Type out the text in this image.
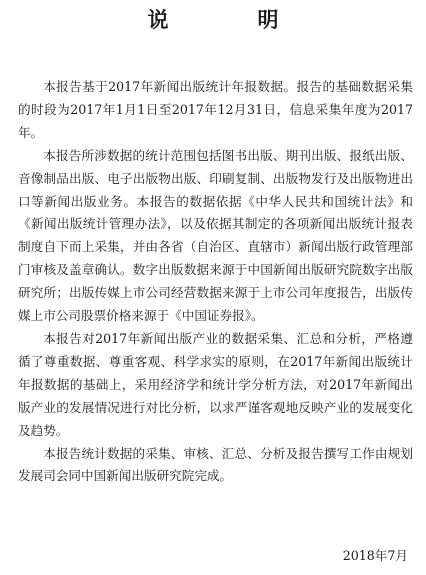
说　明

本报告基于2017年新闻出版统计年报数据。报告的基础数据采集的时段为2017年1月1日至2017年12月31日，信息采集年度为2017年。

本报告所涉数据的统计范围包括图书出版、期刊出版、报纸出版、音像制品出版、电子出版物出版、印刷复制、出版物发行及出版物进出口等新闻出版业务。本报告的数据依据《中华人民共和国统计法》和《新闻出版统计管理办法》，以及依据其制定的各项新闻出版统计报表制度自下而上采集，并由各省（自治区、直辖市）新闻出版行政管理部门审核及盖章确认。数字出版数据来源于中国新闻出版研究院数字出版研究所；出版传媒上市公司经营数据来源于上市公司年度报告，出版传媒上市公司股票价格来源于《中国证券报》。

本报告对2017年新闻出版产业的数据采集、汇总和分析，严格遵循了尊重数据、尊重客观、科学求实的原则，在2017年新闻出版统计年报数据的基础上，采用经济学和统计学分析方法，对2017年新闻出版产业的发展情况进行对比分析，以求严谨客观地反映产业的发展变化及趋势。

本报告统计数据的采集、审核、汇总、分析及报告撰写工作由规划发展司会同中国新闻出版研究院完成。

2018年7月
